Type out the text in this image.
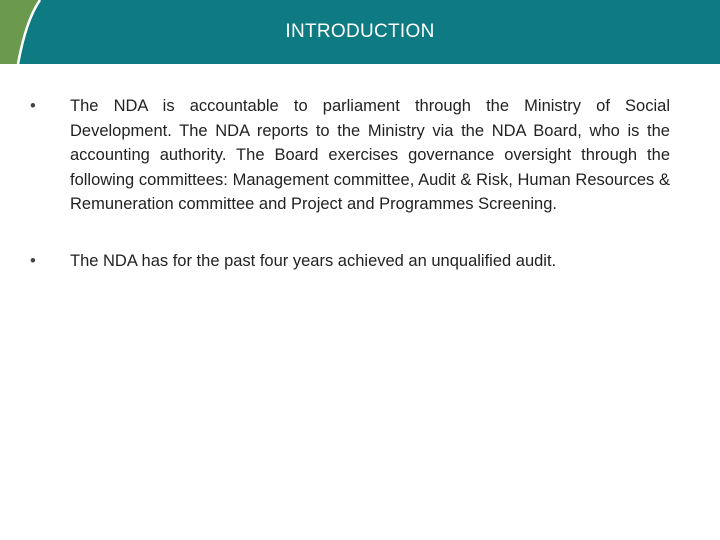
INTRODUCTION
• The NDA is accountable to parliament through the Ministry of Social Development. The NDA reports to the Ministry via the NDA Board, who is the accounting authority. The Board exercises governance oversight through the following committees: Management committee, Audit & Risk, Human Resources & Remuneration committee and Project and Programmes Screening.
• The NDA has for the past four years achieved an unqualified audit.
